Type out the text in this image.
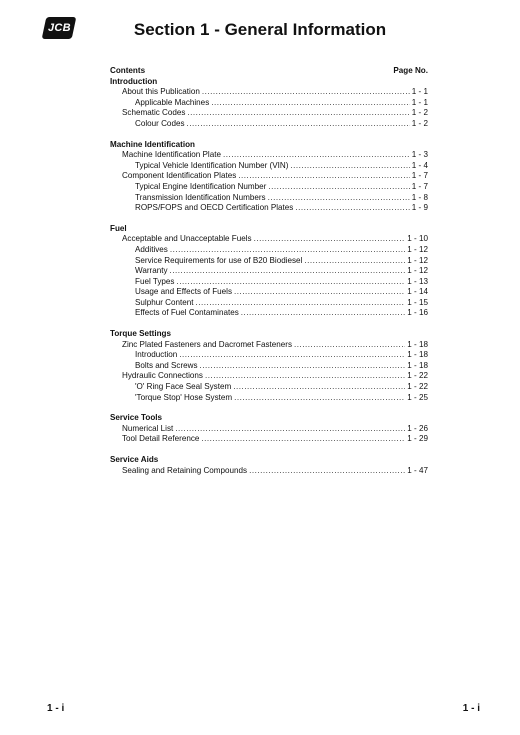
JCB	Section 1 - General Information
Contents	Page No.
Introduction
About this Publication .....	1 - 1
Applicable Machines .....	1 - 1
Schematic Codes .....	1 - 2
Colour Codes .....	1 - 2
Machine Identification
Machine Identification Plate .....	1 - 3
Typical Vehicle Identification Number (VIN) .....	1 - 4
Component Identification Plates .....	1 - 7
Typical Engine Identification Number .....	1 - 7
Transmission Identification Numbers .....	1 - 8
ROPS/FOPS and OECD Certification Plates .....	1 - 9
Fuel
Acceptable and Unacceptable Fuels .....	1 - 10
Additives .....	1 - 12
Service Requirements for use of B20 Biodiesel .....	1 - 12
Warranty .....	1 - 12
Fuel Types .....	1 - 13
Usage and Effects of Fuels .....	1 - 14
Sulphur Content .....	1 - 15
Effects of Fuel Contaminates .....	1 - 16
Torque Settings
Zinc Plated Fasteners and Dacromet Fasteners .....	1 - 18
Introduction .....	1 - 18
Bolts and Screws .....	1 - 18
Hydraulic Connections .....	1 - 22
'O' Ring Face Seal System .....	1 - 22
'Torque Stop' Hose System .....	1 - 25
Service Tools
Numerical List .....	1 - 26
Tool Detail Reference .....	1 - 29
Service Aids
Sealing and Retaining Compounds .....	1 - 47
1 - i	1 - i
